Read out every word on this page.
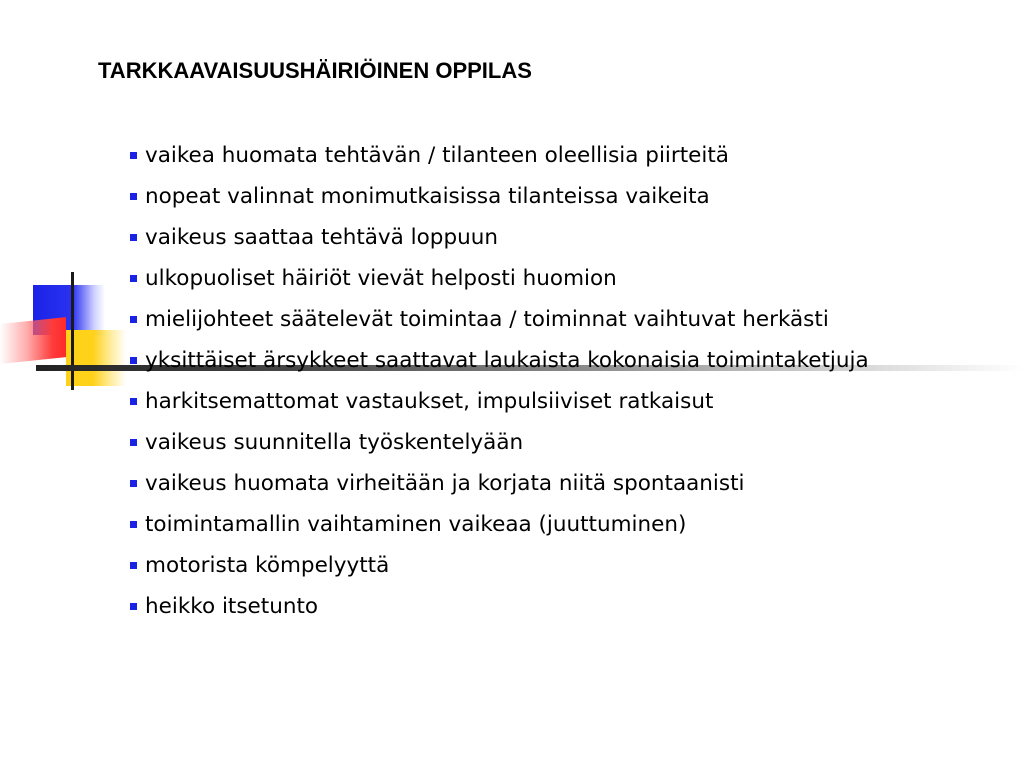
TARKKAAVAISUUSHÄIRIÖINEN OPPILAS
vaikea huomata tehtävän / tilanteen oleellisia piirteitä
nopeat valinnat monimutkaisissa tilanteissa vaikeita
vaikeus saattaa tehtävä loppuun
ulkopuoliset häiriöt vievät helposti huomion
mielijohteet säätelevät toimintaa / toiminnat vaihtuvat herkästi
yksittäiset ärsykkeet saattavat laukaista kokonaisia toimintaketjuja
harkitsemattomat vastaukset, impulsiiviset ratkaisut
vaikeus suunnitella työskentelyään
vaikeus huomata virheitään ja korjata niitä spontaanisti
toimintamallin vaihtaminen vaikeaa (juuttuminen)
motorista kömpelyyttä
heikko itsetunto
